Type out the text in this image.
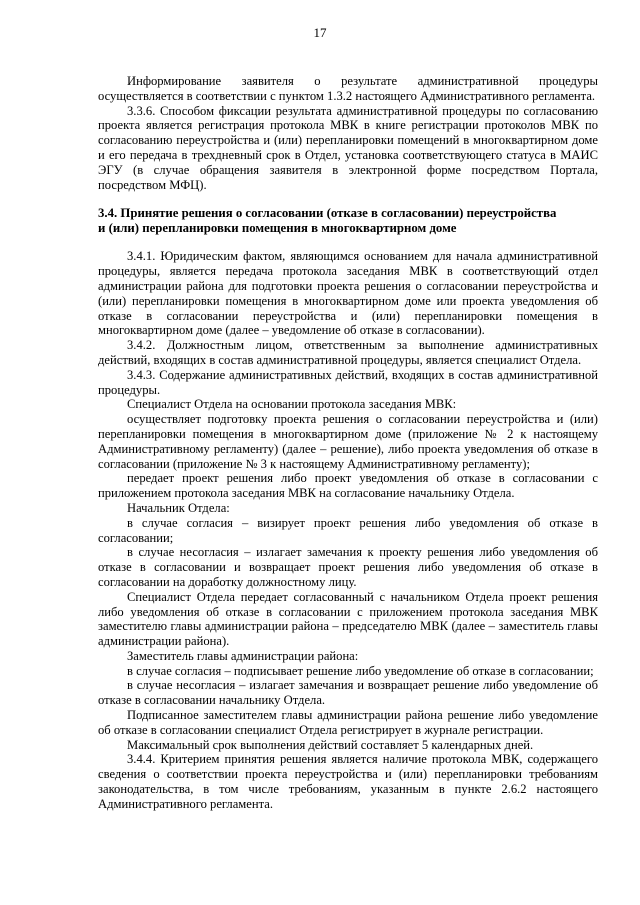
17

Информирование заявителя о результате административной процедуры осуществляется в соответствии с пунктом 1.3.2 настоящего Административного регламента.

3.3.6. Способом фиксации результата административной процедуры по согласованию проекта является регистрация протокола МВК в книге регистрации протоколов МВК по согласованию переустройства и (или) перепланировки помещений в многоквартирном доме и его передача в трехдневный срок в Отдел, установка соответствующего статуса в МАИС ЭГУ (в случае обращения заявителя в электронной форме посредством Портала, посредством МФЦ).

3.4. Принятие решения о согласовании (отказе в согласовании) переустройства
и (или) перепланировки помещения в многоквартирном доме

3.4.1. Юридическим фактом, являющимся основанием для начала административной процедуры, является передача протокола заседания МВК в соответствующий отдел администрации района для подготовки проекта решения о согласовании переустройства и (или) перепланировки помещения в многоквартирном доме или проекта уведомления об отказе в согласовании переустройства и (или) перепланировки помещения в многоквартирном доме (далее – уведомление об отказе в согласовании).

3.4.2. Должностным лицом, ответственным за выполнение административных действий, входящих в состав административной процедуры, является специалист Отдела.

3.4.3. Содержание административных действий, входящих в состав административной процедуры.

Специалист Отдела на основании протокола заседания МВК:

осуществляет подготовку проекта решения о согласовании переустройства и (или) перепланировки помещения в многоквартирном доме (приложение № 2 к настоящему Административному регламенту) (далее – решение), либо проекта уведомления об отказе в согласовании (приложение № 3 к настоящему Административному регламенту);

передает проект решения либо проект уведомления об отказе в согласовании с приложением протокола заседания МВК на согласование начальнику Отдела.

Начальник Отдела:

в случае согласия – визирует проект решения либо уведомления об отказе в согласовании;

в случае несогласия – излагает замечания к проекту решения либо уведомления об отказе в согласовании и возвращает проект решения либо уведомления об отказе в согласовании на доработку должностному лицу.

Специалист Отдела передает согласованный с начальником Отдела проект решения либо уведомления об отказе в согласовании с приложением протокола заседания МВК заместителю главы администрации района – председателю МВК (далее – заместитель главы администрации района).

Заместитель главы администрации района:

в случае согласия – подписывает решение либо уведомление об отказе в согласовании;

в случае несогласия – излагает замечания и возвращает решение либо уведомление об отказе в согласовании начальнику Отдела.

Подписанное заместителем главы администрации района решение либо уведомление об отказе в согласовании специалист Отдела регистрирует в журнале регистрации.

Максимальный срок выполнения действий составляет 5 календарных дней.

3.4.4. Критерием принятия решения является наличие протокола МВК, содержащего сведения о соответствии проекта переустройства и (или) перепланировки требованиям законодательства, в том числе требованиям, указанным в пункте 2.6.2 настоящего Административного регламента.
